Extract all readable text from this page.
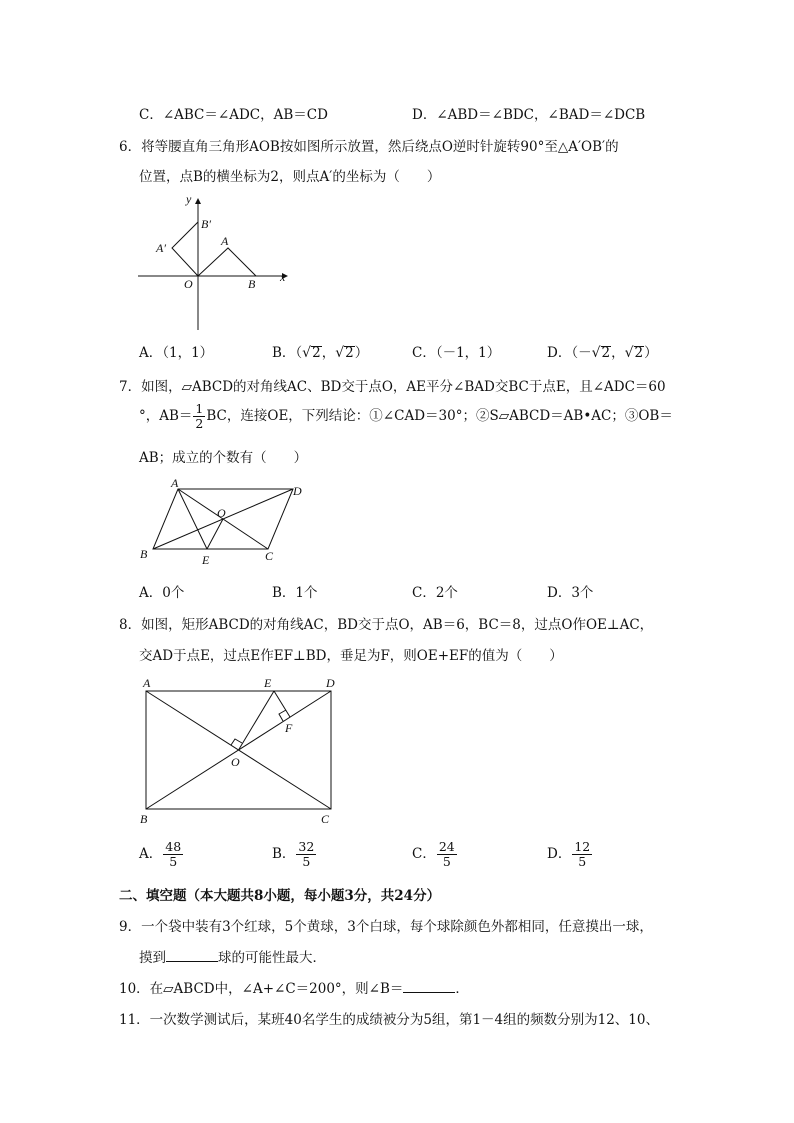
C．∠ABC＝∠ADC，AB＝CD	D．∠ABD＝∠BDC，∠BAD＝∠DCB
6．将等腰直角三角形AOB按如图所示放置，然后绕点O逆时针旋转90°至△A′OB′的
位置，点B的横坐标为2，则点A′的坐标为（　　）
y
x
B′
A′	A
O	B
A．（1，1）	B．（√2，√2）	C．（－1，1）	D．（－√2，√2）
7．如图，▱ABCD的对角线AC、BD交于点O，AE平分∠BAD交BC于点E，且∠ADC＝60
°，$AB= \frac{1}{2}$ BC，连接OE，下列结论：①∠CAD＝30°；②S▱ABCD＝AB•AC；③OB＝
AB；成立的个数有（　　）
A
D
O
B	E	C
A．0个	B．1个	C．2个	D．3个
8．如图，矩形ABCD的对角线AC，BD交于点O，AB＝6，BC＝8，过点O作OE⊥AC，
交AD于点E，过点E作EF⊥BD，垂足为F，则OE+EF的值为（　　）
A	E	D
F
O
B	C
A． $\frac{48}{5}$	B． $\frac{32}{5}$	C． $\frac{24}{5}$	D． $\frac{12}{5}$
二、填空题（本大题共8小题，每小题3分，共24分）
9．一个袋中装有3个红球，5个黄球，3个白球，每个球除颜色外都相同，任意摸出一球，
摸到	球的可能性最大．
10．在▱ABCD中，∠A+∠C＝200°，则∠B＝	．
11．一次数学测试后，某班40名学生的成绩被分为5组，第1－4组的频数分别为12、10、
